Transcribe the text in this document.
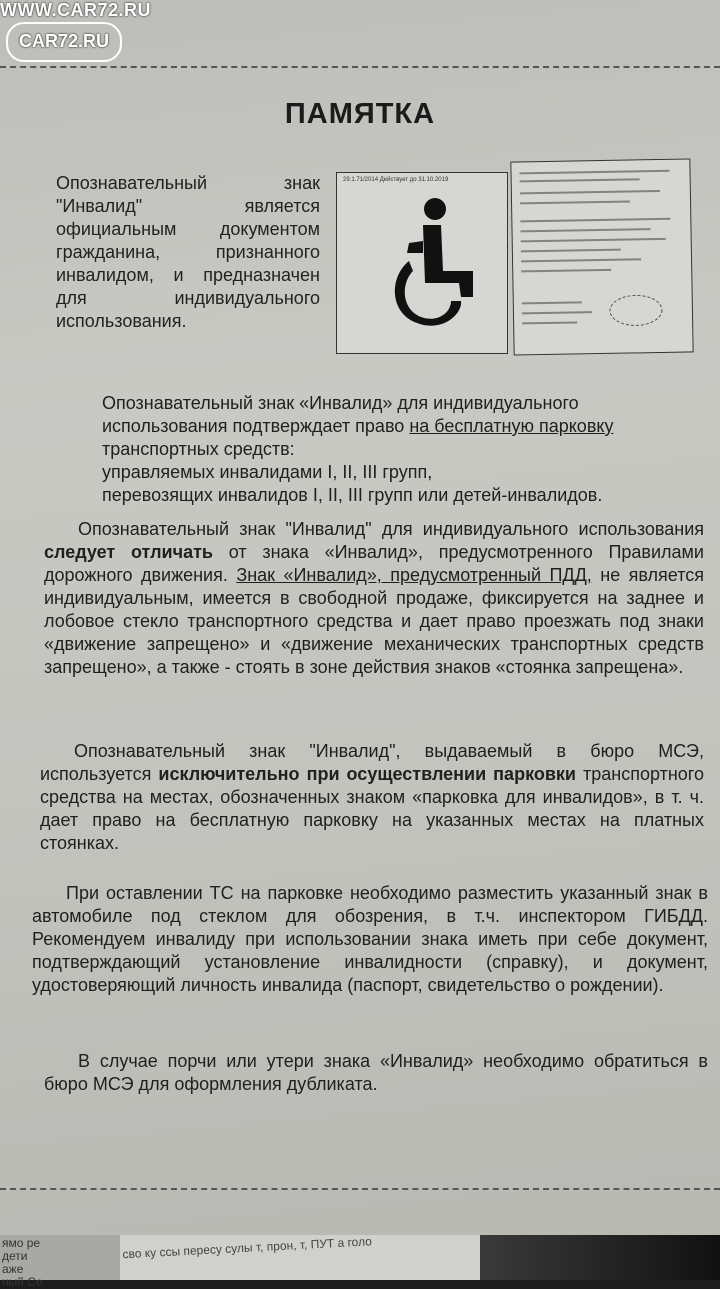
ПАМЯТКА
Опознавательный знак "Инвалид" является официальным документом гражданина, признанного инвалидом, и предназначен для индивидуального использования.
29.1.71/2014 Действует до 31.10.2019
Опознавательный знак «Инвалид» для индивидуального использования подтверждает право на бесплатную парковку транспортных средств:
управляемых инвалидами I, II, III групп,
перевозящих инвалидов I, II, III групп или детей-инвалидов.
Опознавательный знак "Инвалид" для индивидуального использования следует отличать от знака «Инвалид», предусмотренного Правилами дорожного движения. Знак «Инвалид», предусмотренный ПДД, не является индивидуальным, имеется в свободной продаже, фиксируется на заднее и лобовое стекло транспортного средства и дает право проезжать под знаки «движение запрещено» и «движение механических транспортных средств запрещено», а также - стоять в зоне действия знаков «стоянка запрещена».
Опознавательный знак "Инвалид", выдаваемый в бюро МСЭ, используется исключительно при осуществлении парковки транспортного средства на местах, обозначенных знаком «парковка для инвалидов», в т. ч. дает право на бесплатную парковку на указанных местах на платных стоянках.
При оставлении ТС на парковке необходимо разместить указанный знак в автомобиле под стеклом для обозрения, в т.ч. инспектором ГИБДД. Рекомендуем инвалиду при использовании знака иметь при себе документ, подтверждающий установление инвалидности (справку), и документ, удостоверяющий личность инвалида (паспорт, свидетельство о рождении).
В случае порчи или утери знака «Инвалид» необходимо обратиться в бюро МСЭ для оформления дубликата.
ямо ре
дети
аже
ный Се
сво ку ссы пересу сулы т, прон, т, ПУТ а голо
WWW.CAR72.RU
CAR72.RU
